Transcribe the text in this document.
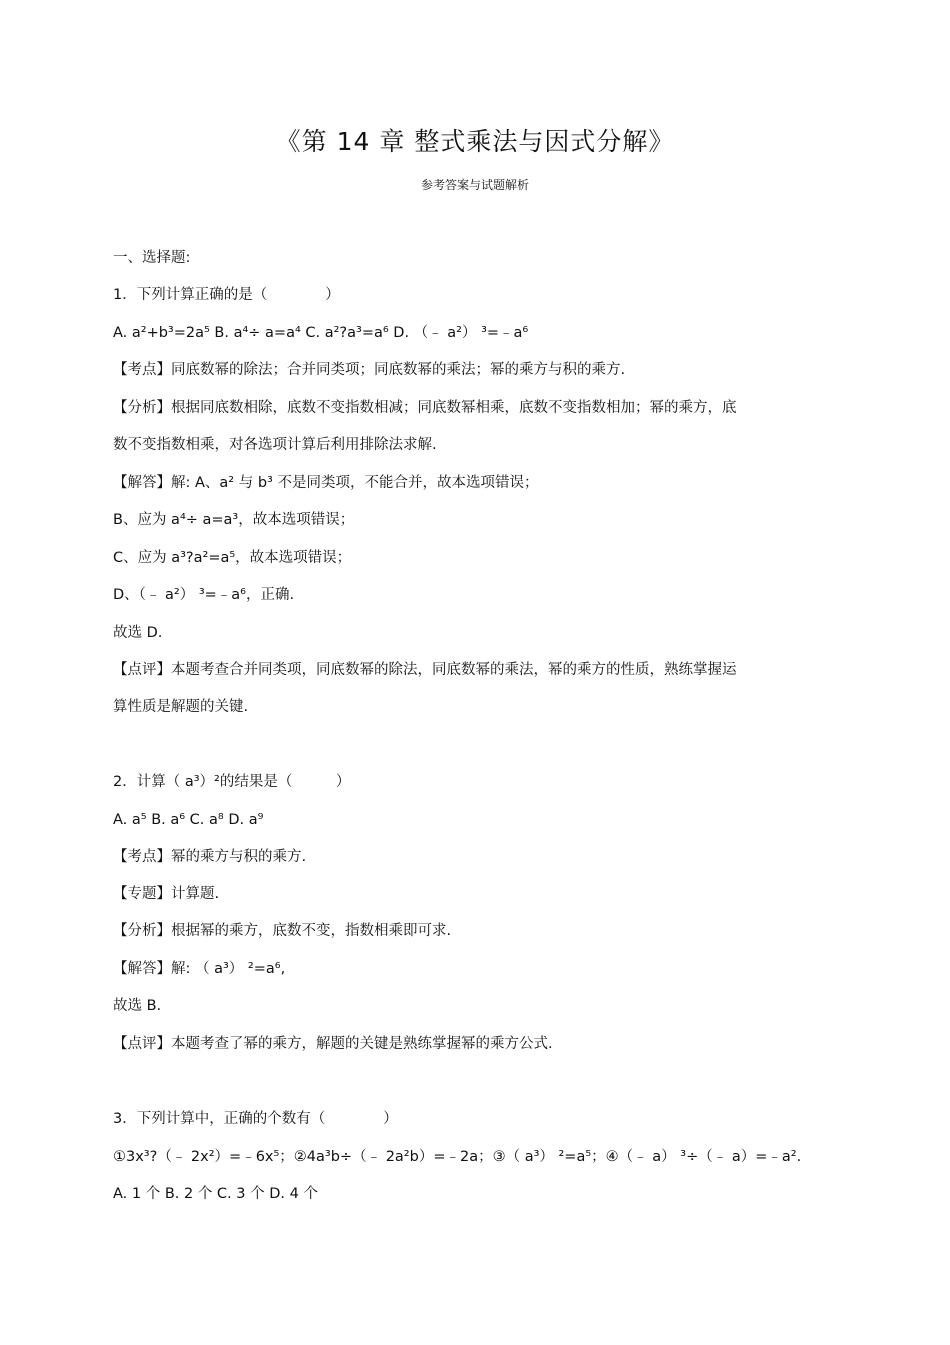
《第 14 章 整式乘法与因式分解》
参考答案与试题解析
一、选择题:
1．下列计算正确的是（　　　　）
A. a²+b³=2a⁵ B. a⁴÷ a=a⁴ C. a²?a³=a⁶ D. （﹣ a²） ³=﹣a⁶
【考点】同底数幂的除法；合并同类项；同底数幂的乘法；幂的乘方与积的乘方.
【分析】根据同底数相除，底数不变指数相减；同底数幂相乘，底数不变指数相加；幂的乘方，底
数不变指数相乘，对各选项计算后利用排除法求解.
【解答】解: A、a² 与 b³ 不是同类项，不能合并，故本选项错误；
B、应为 a⁴÷ a=a³，故本选项错误；
C、应为 a³?a²=a⁵，故本选项错误；
D、（﹣ a²） ³=﹣a⁶，正确.
故选 D.
【点评】本题考查合并同类项，同底数幂的除法，同底数幂的乘法，幂的乘方的性质，熟练掌握运
算性质是解题的关键.
2．计算（ a³）²的结果是（　　　）
A. a⁵ B. a⁶ C. a⁸ D. a⁹
【考点】幂的乘方与积的乘方.
【专题】计算题.
【分析】根据幂的乘方，底数不变，指数相乘即可求.
【解答】解: （ a³） ²=a⁶,
故选 B.
【点评】本题考查了幂的乘方，解题的关键是熟练掌握幂的乘方公式.
3．下列计算中，正确的个数有（　　　　）
①3x³?（﹣ 2x²）=﹣6x⁵；②4a³b÷（﹣ 2a²b）=﹣2a；③（ a³） ²=a⁵；④（﹣ a） ³÷（﹣ a）=﹣a².
A. 1 个 B. 2 个 C. 3 个 D. 4 个
